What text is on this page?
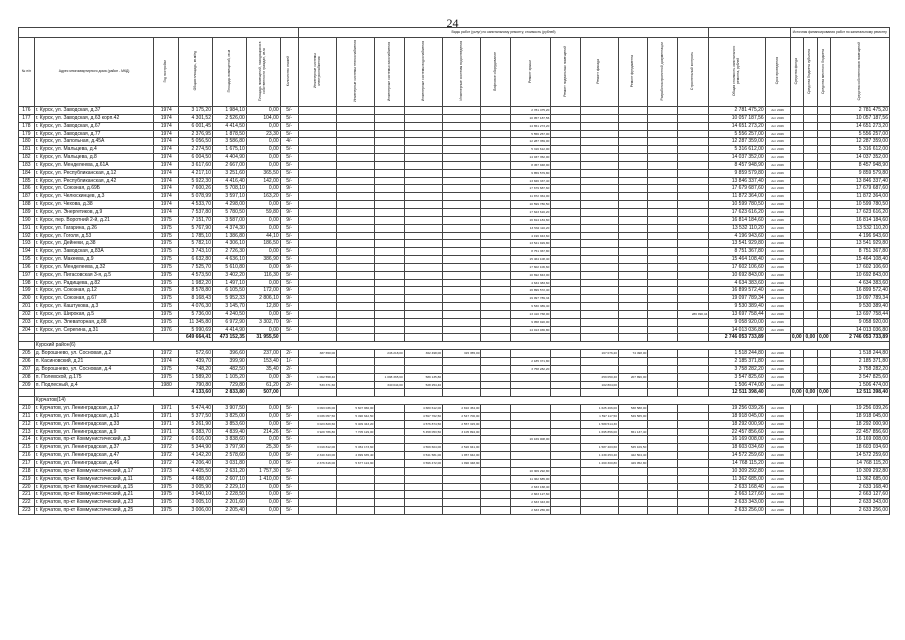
24
							Виды работ (услуг) по капитальному ремонту, стоимость (рублей)														Источник финансирования работ по капитальному ремонту			
№ п/п	Адрес многоквартирного дома (район - МКД)	Год постройки	Общая площадь, кв.м/ед	Площадь помещений, кв.м	Площадь помещений, находящихся в собственности граждан, кв.м	Количество этажей	Инженерные системы электроснабжения	Инженерные системы теплоснабжения	Инженерные системы газоснабжения	Инженерные системы водоснабжения	Инженерные системы водоотведения	Лифтовое оборудование	Ремонт крыши	Ремонт подвальных помещений	Ремонт фасада	Ремонт фундамента	Разработка проектной документации	Строительный контроль	Общая стоимость капитального ремонта, рублей	Срок проведения	Средства фонда	Средства бюджета субъекта	Средства местного бюджета	Средства собственников помещений
176	г. Курск, ул. Заводская, д.37	1974	3 175,20	1 984,10	0,00	5/-							2 781 475,20						2 781 475,20	Акт 2026				2 781 475,20
177	г. Курск, ул. Заводская, д.63 корп.42	1974	4 301,52	2 526,00	104,00	5/-							10 057 187,56						10 057 187,56	Акт 2026				10 057 187,56
178	г. Курск, ул. Заводская, д.67	1974	6 001,45	4 414,50	0,00	5/-							14 651 273,20						14 651 273,20	Акт 2026				14 651 273,20
179	г. Курск, ул. Заводская, д.77	1974	2 376,95	1 878,50	23,30	5/-							5 556 257,00						5 556 257,00	Акт 2026				5 556 257,00
180	г. Курск, ул. Запольная, д.45А	1974	5 056,50	3 586,80	0,00	4/-							12 287 359,00						12 287 359,00	Акт 2026				12 287 359,00
181	г. Курск, ул. Мальцева, д.4	1974	2 274,50	1 675,10	0,00	5/-							5 316 612,00						5 316 612,00	Акт 2026				5 316 612,00
182	г. Курск, ул. Мальцева, д.8	1974	6 004,50	4 404,90	0,00	5/-							14 037 352,00						14 037 352,00	Акт 2026				14 037 352,00
183	г. Курск, ул. Менделеева, д.61А	1974	3 617,60	2 667,00	0,00	5/-							8 457 948,90						8 457 948,90	Акт 2026				8 457 948,90
184	г. Курск, ул. Республиканская, д.12	1974	4 217,10	3 251,60	365,50	5/-							9 859 579,80						9 859 579,80	Акт 2026				9 859 579,80
185	г. Курск, ул. Республиканская, д.42	1974	5 922,30	4 416,40	142,00	5/-							13 846 337,40						13 846 337,40	Акт 2026				13 846 337,40
186	г. Курск, ул. Союзная, д.69Б	1974	7 600,26	5 708,10	0,00	9/-							17 679 687,60						17 679 687,60	Акт 2026				17 679 687,60
187	г. Курск, ул. Челюскинцев, д.3	1974	5 078,99	3 597,10	163,20	5/-							11 872 364,00						11 872 364,00	Акт 2026				11 872 364,00
188	г. Курск, ул. Чехова, д.38	1974	4 533,70	4 298,00	0,00	5/-							10 599 780,50						10 599 780,50	Акт 2026				10 599 780,50
189	г. Курск, ул. Энергетиков, д.9	1974	7 537,80	5 780,50	59,80	9/-							17 623 616,20						17 623 616,20	Акт 2026				17 623 616,20
190	г. Курск, пер. Воротний 2-й, д.21	1975	7 151,70	3 587,00	0,00	9/-							16 814 184,60						16 814 184,60	Акт 2026				16 814 184,60
191	г. Курск, ул. Гагарина, д.26	1975	5 767,90	4 374,30	0,00	5/-							13 532 110,20						13 532 110,20	Акт 2026				13 532 110,20
192	г. Курск, ул. Гоголя, д.53	1975	1 785,10	1 386,80	44,10	5/-							4 196 943,60						4 196 943,60	Акт 2026				4 196 943,60
193	г. Курск, ул. Дейнеки, д.38	1975	5 782,10	4 306,10	186,50	5/-							13 541 929,80						13 541 929,80	Акт 2026				13 541 929,80
194	г. Курск, ул. Заводская, д.83А	1975	3 743,10	2 726,30	0,00	5/-							8 751 367,80						8 751 367,80	Акт 2026				8 751 367,80
195	г. Курск, ул. Макеева, д.9	1975	6 632,80	4 636,10	386,90	5/-							15 464 108,40						15 464 108,40	Акт 2026				15 464 108,40
196	г. Курск, ул. Менделеева, д.32	1975	7 525,70	5 610,80	0,00	9/-							17 602 106,60						17 602 106,60	Акт 2026				17 602 106,60
197	г. Курск, ул. Пигасовская 3-я, д.5	1975	4 573,50	3 402,20	116,30	5/-							10 692 843,00						10 692 843,00	Акт 2026				10 692 843,00
198	г. Курск, ул. Радищева, д.82	1975	1 982,20	1 497,10	0,00	5/-							4 634 383,60						4 634 383,60	Акт 2026				4 634 383,60
199	г. Курск, ул. Союзная, д.12	1975	8 578,80	6 105,50	172,00	9/-							16 899 572,40						16 899 572,40	Акт 2026				16 899 572,40
200	г. Курск, ул. Союзная, д.67	1975	8 168,43	5 952,33	2 806,10	9/-							19 097 789,34						19 097 789,34	Акт 2026				19 097 789,34
201	г. Курск, ул. Каштукова, д.3	1975	4 076,30	3 145,70	12,80	5/-							9 530 389,40						9 530 389,40	Акт 2026				9 530 389,40
202	г. Курск, ул. Широкая, д.5	1975	5 736,00	4 240,50	0,00	5/-							13 410 768,00					286 990,44	13 697 758,44	Акт 2026				13 697 758,44
203	г. Курск, ул. Элеваторная, д.88	1975	11 345,80	6 972,90	3 302,70	9/-							9 058 920,00						9 058 920,00	Акт 2026				9 058 920,00
204	г. Курск, ул. Серегина, д.31	1976	5 990,69	4 414,90	0,00	5/-							14 013 036,80						14 013 036,80	Акт 2026				14 013 036,80
			649 664,41	473 152,35	31 955,50														2 746 053 733,89		0,00	0,00	0,00	2 746 053 733,89
	Курский район(6)																							
205	д. Ворошнево, ул. Сосновая, д.2	1972	572,60	396,60	237,00	2/-	387 650,00		246 218,00	362 498,00	315 355,00				167 076,20	74 498,00			1 518 244,80	Акт 2026				1 518 244,80
206	п. Касиновский, д.21	1974	439,70	399,90	153,40	1/-							2 185 371,80						2 185 371,80	Акт 2026				2 185 371,80
207	д. Ворошнево, ул. Сосновая, д.4	1975	748,20	482,50	35,40	2/-							3 758 282,20						3 758 282,20	Акт 2026				3 758 282,20
208	п. Полевской, д.175	1975	1 589,20	1 105,20	0,00	3/-	1 062 558,40		1 098 365,60	589 135,80					259 050,40	207 896,00			3 547 825,60	Акт 2026				3 547 825,60
209	п. Подлесный, д.4	1980	790,80	729,80	61,20	2/-	533 371,60		340 044,00	528 254,40					102 804,00				1 506 474,00	Акт 2026				1 506 474,00
			4 133,60	2 833,80	507,00														12 511 398,40		0,00	0,00	0,00	12 511 398,40
	Курчатов(14)																							
210	г. Курчатов, ул. Ленинградская, д.17	1971	5 474,40	3 907,50	0,00	5/-	3 093 036,00	5 607 966,00		4 680 612,00	2 810 454,00				1 625 466,00	538 588,00			19 256 039,26	Акт 2026				19 256 039,26
211	г. Курчатов, ул. Ленинградская, д.31	1971	5 377,50	3 825,00	0,00	5/-	3 036 057,50	5 490 642,50		4 597 762,50	2 547 700,00				1 597 117,50	549 565,00			18 918 045,00	Акт 2026				18 918 045,00
212	г. Курчатов, ул. Ленинградская, д.33	1971	5 261,90	3 853,60	0,00	5/-	3 023 829,60	5 409 343,20		4 576 874,50	2 557 315,00				1 589 514,30				18 292 000,90	Акт 2026				18 292 000,90
213	г. Курчатов, ул. Ленинградская, д.9	1971	6 383,70	4 839,40	214,26	5/-	3 929 786,80	7 705 129,00		5 458 053,50	3 105 894,00				1 695 856,00	651 137,40			22 457 856,60	Акт 2026				22 457 856,60
214	г. Курчатов, пр-кт Коммунистический, д.3	1972	6 016,00	3 838,60	0,00	5/-							16 169 008,00						16 169 008,00	Акт 2026				16 169 008,00
215	г. Курчатов, ул. Ленинградская, д.37	1972	5 344,90	3 797,90	25,30	5/-	3 019 812,00	5 454 173,60		4 569 604,00	2 520 941,00				1 587 403,60	545 109,50			18 603 034,60	Акт 2026				18 603 034,60
216	г. Курчатов, ул. Ленинградская, д.47	1972	4 142,20	2 578,60	0,00	5/-	2 340 343,00	4 999 635,40		3 541 581,00	1 957 942,00				1 239 253,40	422 504,40			14 572 259,60	Акт 2026				14 572 259,60
217	г. Курчатов, ул. Ленинградская, д.46	1972	4 206,40	3 031,80	0,00	5/-	2 376 616,00	5 677 124,90		3 596 472,00	1 990 348,90				1 260 300,80	429 052,80			14 768 115,20	Акт 2026				14 768 115,20
218	г. Курчатов, пр-кт Коммунистический, д.17	1973	4 405,50	2 631,20	1 757,30	5/-							10 309 292,80						10 309 292,80	Акт 2026				10 309 292,80
219	г. Курчатов, пр-кт Коммунистический, д.11	1975	4 688,00	2 607,10	1 410,00	5/-							11 362 685,00						11 362 685,00	Акт 2026				11 362 685,00
220	г. Курчатов, пр-кт Коммунистический, д.15	1975	3 005,90	2 229,10	0,00	5/-							2 633 168,40						2 633 168,40	Акт 2026				2 633 168,40
221	г. Курчатов, пр-кт Коммунистический, д.21	1975	3 040,10	2 228,50	0,00	5/-							2 663 127,60						2 663 127,60	Акт 2026				2 663 127,60
222	г. Курчатов, пр-кт Коммунистический, д.23	1975	3 005,10	2 201,60	0,00	5/-							2 633 343,00						2 633 343,00	Акт 2026				2 633 343,00
223	г. Курчатов, пр-кт Коммунистический, д.25	1975	3 006,00	2 205,40	0,00	5/-							2 633 256,00						2 633 256,00	Акт 2026				2 633 256,00
